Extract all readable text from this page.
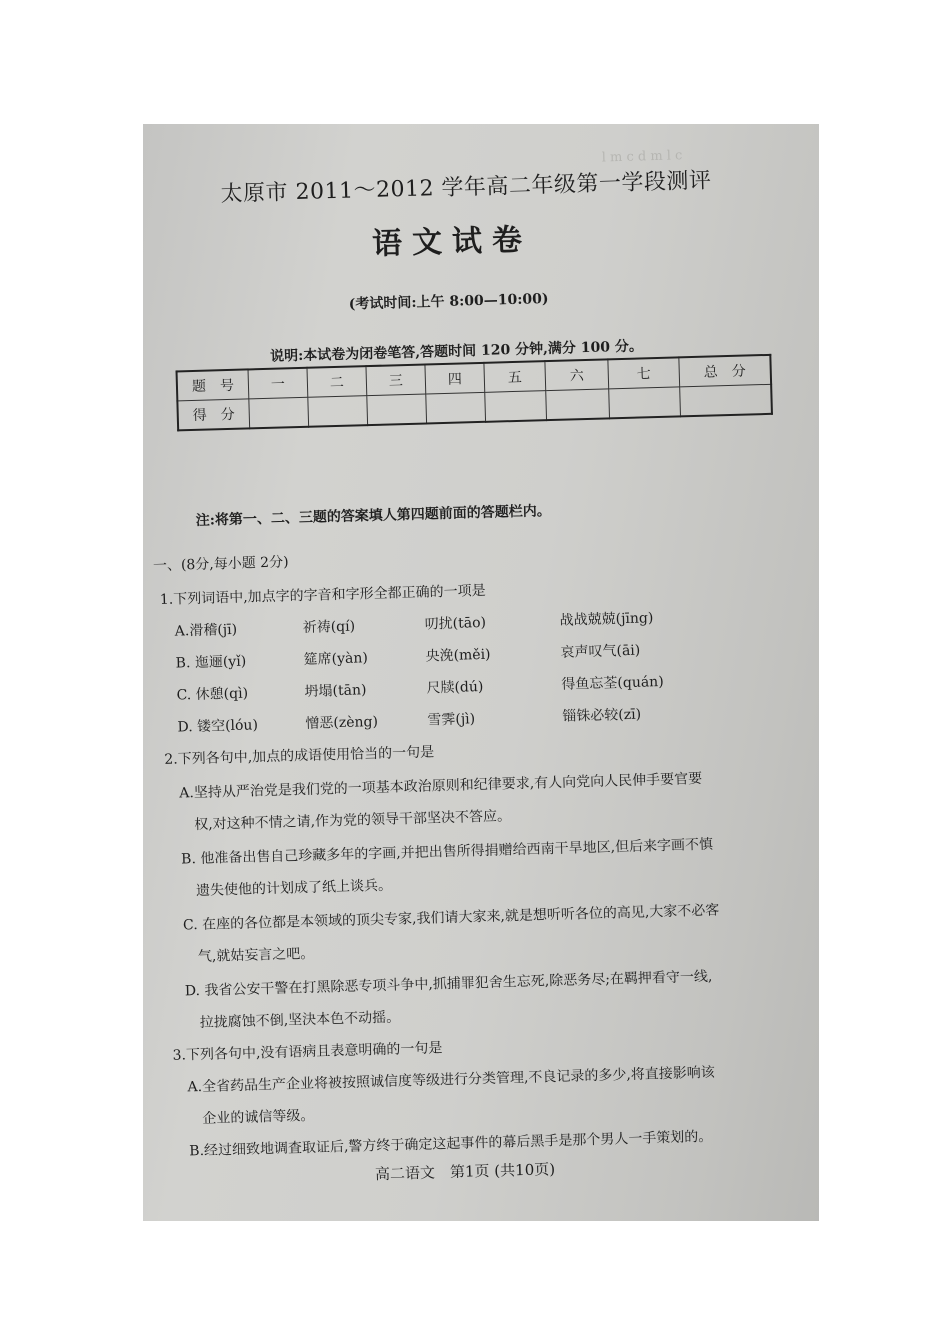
ⅼ ⅿ ⅽ ⅾ ⅿ ⅼ ⅽ
太原市 2011～2012 学年高二年级第一学段测评
语文试卷
(考试时间:上午 8:00—10:00)
说明:本试卷为闭卷笔答,答题时间 120 分钟,满分 100 分。
题　号	一	二	三	四	五	六	七	总　分
得　分								
注:将第一、二、三题的答案填人第四题前面的答题栏内。
一、(8分,每小题 2分)
1.下列词语中,加点字的字音和字形全都正确的一项是
A.滑稽(jī)	祈祷(qí)	叨扰(tāo)	战战兢兢(jīng)
B. 迤逦(yǐ)	筵席(yàn)	央浼(měi)	哀声叹气(āi)
C. 休憩(qì)	坍塌(tān)	尺牍(dú)	得鱼忘荃(quán)
D. 镂空(lóu)	憎恶(zèng)	雪霁(jì)	锱铢必较(zī)
2.下列各句中,加点的成语使用恰当的一句是
A.坚持从严治党是我们党的一项基本政治原则和纪律要求,有人向党向人民伸手要官要
权,对这种不情之请,作为党的领导干部坚决不答应。
B. 他准备出售自己珍藏多年的字画,并把出售所得捐赠给西南干旱地区,但后来字画不慎
遗失使他的计划成了纸上谈兵。
C. 在座的各位都是本领域的顶尖专家,我们请大家来,就是想听听各位的高见,大家不必客
气,就姑妄言之吧。
D. 我省公安干警在打黑除恶专项斗争中,抓捕罪犯舍生忘死,除恶务尽;在羁押看守一线,
拉拢腐蚀不倒,坚決本色不动摇。
3.下列各句中,没有语病且表意明确的一句是
A.全省药品生产企业将被按照诚信度等级进行分类管理,不良记录的多少,将直接影响该
企业的诚信等级。
B.经过细致地调査取证后,警方终于确定这起事件的幕后黑手是那个男人一手策划的。
高二语文　第1页 (共10页)
